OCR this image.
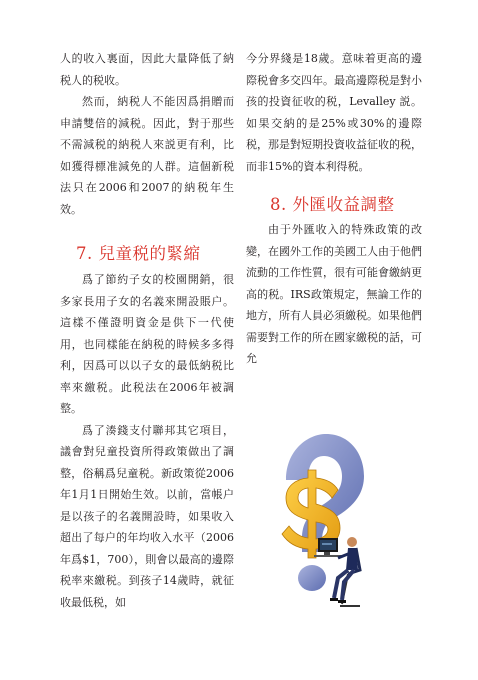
人的收入裏面，因此大量降低了納税人的税收。

然而，納税人不能因爲捐贈而申請雙倍的減税。因此，對于那些不需減税的納税人來説更有利，比如獲得標准減免的人群。這個新税法只在2006和2007的納税年生效。

7. 兒童税的緊縮

爲了節約子女的校園開銷，很多家長用子女的名義來開設賬户。這樣不僅證明資金是供下一代使用，也同樣能在納税的時候多多得利，因爲可以以子女的最低納税比率來繳税。此税法在2006年被調整。

爲了湊錢支付聯邦其它項目，議會對兒童投資所得政策做出了調整，俗稱爲兒童税。新政策從2006年1月1日開始生效。以前，當帳户是以孩子的名義開設時，如果收入超出了每户的年均收入水平（2006年爲$1，700），則會以最高的邊際税率來繳税。到孩子14歲時，就征收最低税，如

今分界綫是18歲。意味着更高的邊際税會多交四年。最高邊際税是對小孩的投資征收的税，Levalley 説。如果交納的是25%或30%的邊際税，那是對短期投資收益征收的税，而非15%的資本利得税。

8. 外匯收益調整

由于外匯收入的特殊政策的改變，在國外工作的美國工人由于他們流動的工作性質，很有可能會繳納更高的税。IRS政策規定，無論工作的地方，所有人員必須繳税。如果他們需要對工作的所在國家繳税的話，可允
